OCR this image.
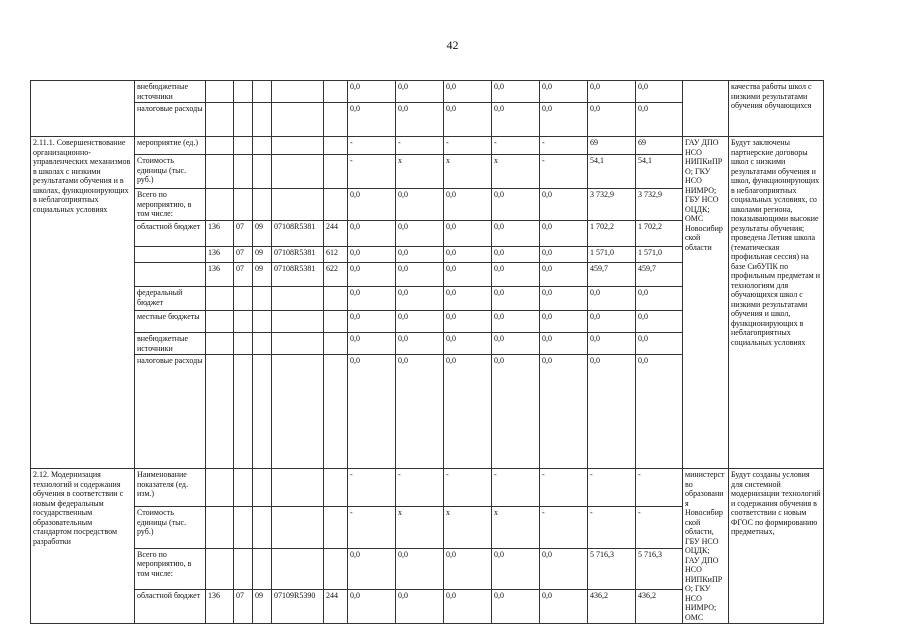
42
	внебюджетные источники						0,0	0,0	0,0	0,0	0,0	0,0	0,0		качества работы школ с низкими результатами обучения обучающихся
	налоговые расходы						0,0	0,0	0,0	0,0	0,0	0,0	0,0		
2.11.1. Совершенствование организационно-управленческих механизмов в школах с низкими результатами обучения и в школах, функционирующих в неблагоприятных социальных условиях	мероприятие (ед.)						-	-	-	-	-	69	69	ГАУ ДПО НСО НИПКиПРО; ГКУ НСО НИМРО; ГБУ НСО ОЦДК; ОМС Новосибирской области	Будут заключены партнерские договоры школ с низкими результатами обучения и школ, функционирующих в неблагоприятных социальных условиях, со школами региона, показывающими высокие результаты обучения; проведена Летняя школа (тематическая профильная сессия) на базе СибУПК по профильным предметам и технологиям для обучающихся школ с низкими результатами обучения и школ, функционирующих в неблагоприятных социальных условиях
	Стоимость единицы (тыс. руб.)						-	х	х	х	-	54,1	54,1		
	Всего по мероприятию, в том числе:						0,0	0,0	0,0	0,0	0,0	3 732,9	3 732,9		
	областной бюджет	136	07	09	07108R5381	244	0,0	0,0	0,0	0,0	0,0	1 702,2	1 702,2		
		136	07	09	07108R5381	612	0,0	0,0	0,0	0,0	0,0	1 571,0	1 571,0		
		136	07	09	07108R5381	622	0,0	0,0	0,0	0,0	0,0	459,7	459,7		
	федеральный бюджет						0,0	0,0	0,0	0,0	0,0	0,0	0,0		
	местные бюджеты						0,0	0,0	0,0	0,0	0,0	0,0	0,0		
	внебюджетные источники						0,0	0,0	0,0	0,0	0,0	0,0	0,0		
	налоговые расходы						0,0	0,0	0,0	0,0	0,0	0,0	0,0		
2.12. Модернизация технологий и содержания обучения в соответствии с новым федеральным государственным образовательным стандартом посредством разработки	Наименование показателя (ед. изм.)						-	-	-	-	-	-	-	министерство образования Новосибирской области, ГБУ НСО ОЦДК; ГАУ ДПО НСО НИПКиПРО; ГКУ НСО НИМРО; ОМС	Будут созданы условия для системной модернизации технологий и содержания обучения в соответствии с новым ФГОС по формированию предметных,
	Стоимость единицы (тыс. руб.)						-	х	х	х	-	-	-		
	Всего по мероприятию, в том числе:						0,0	0,0	0,0	0,0	0,0	5 716,3	5 716,3		
	областной бюджет	136	07	09	07109R5390	244	0,0	0,0	0,0	0,0	0,0	436,2	436,2		
